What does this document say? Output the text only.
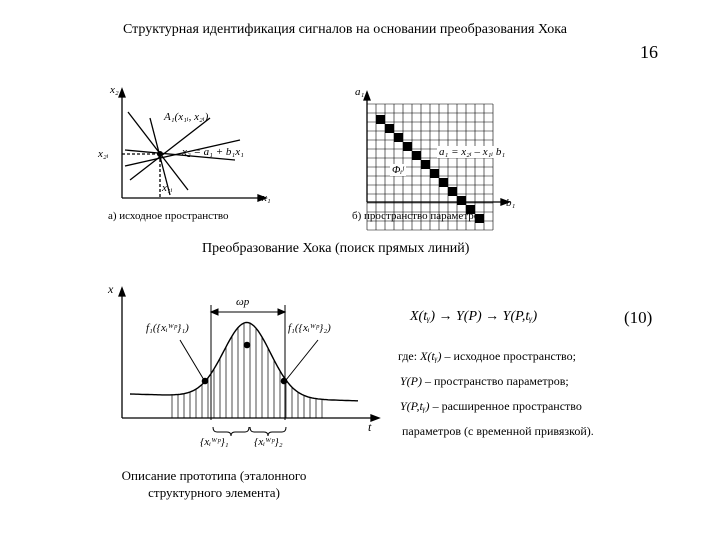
Структурная идентификация сигналов на основании преобразования Хока
16
x₂
x₁
A₁(x₁ᵢ, x₂ᵢ)
x₂ = a₁ + b₁x₁
x₂ᵢ
x₁ᵢ
а) исходное пространство
a₁
b₁
a₁ = x₂ᵢ – x₁ᵢ b₁
Φᵢʲ
б) пространство параметров
Преобразование Хока (поиск прямых линий)
x
t
ωp
f₁({xᵢᵂᵖ}₁)	f₁({xᵢᵂᵖ}₂)
{xᵢᵂᵖ}₁ {xᵢᵂᵖ}₂
X(tᵧ) → Y(P) → Y(P,tᵧ)	(10)
где: X(tᵧ) – исходное пространство;
Y(P) – пространство параметров;
Y(P,tᵧ) – расширенное пространство
параметров (с временной привязкой).
Описание прототипа (эталонного
структурного элемента)
